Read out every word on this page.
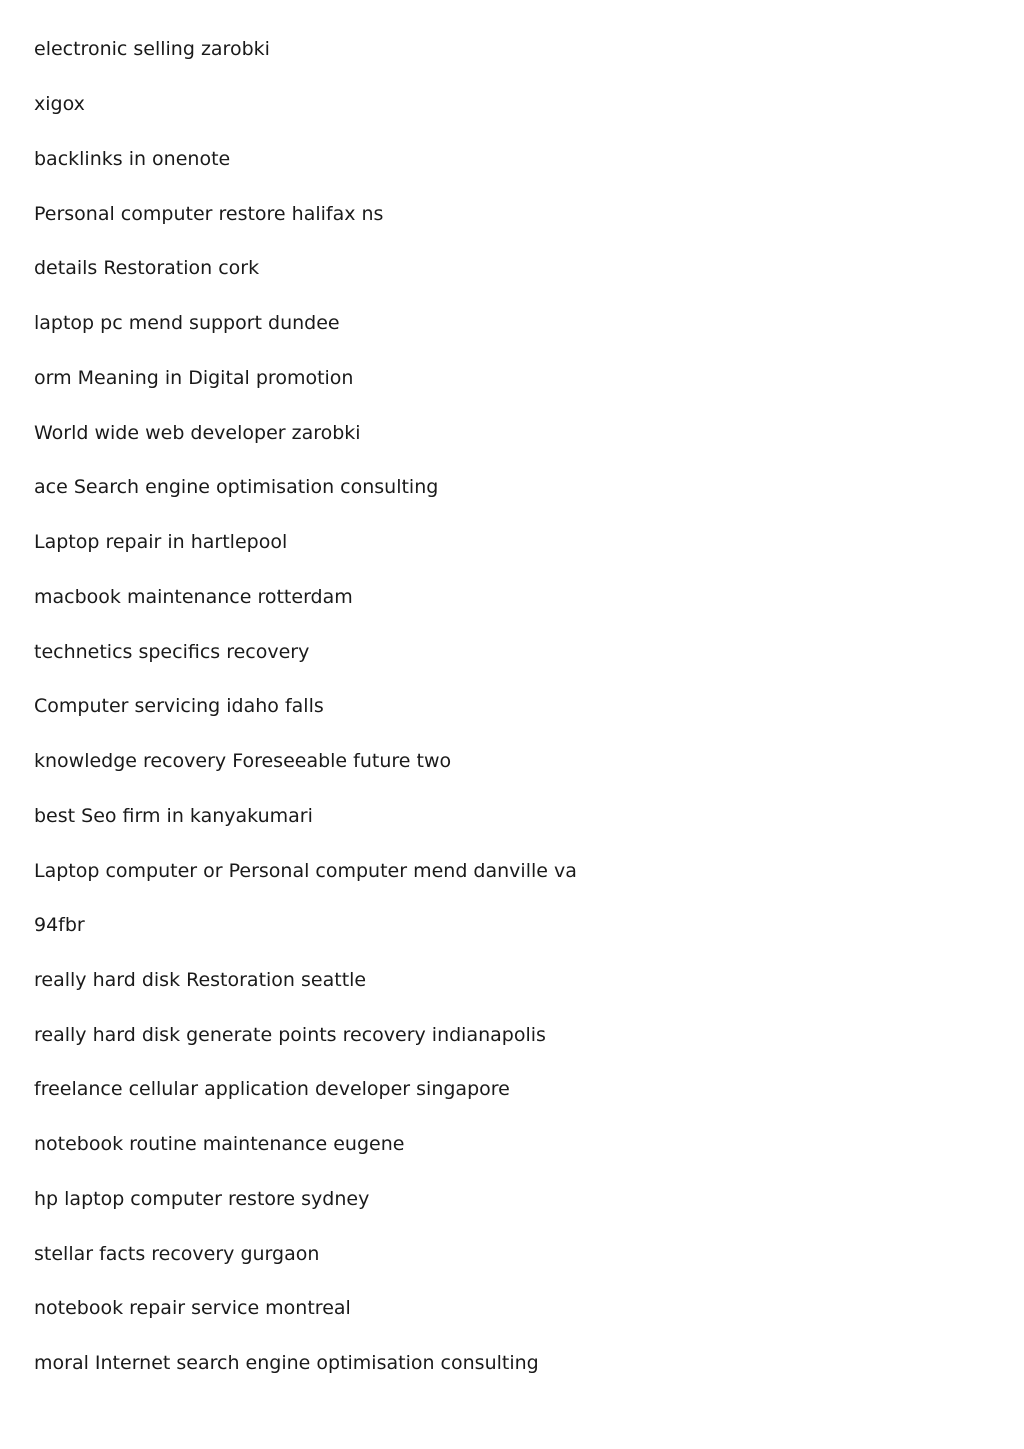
electronic selling zarobki

xigox

backlinks in onenote

Personal computer restore halifax ns

details Restoration cork

laptop pc mend support dundee

orm Meaning in Digital promotion

World wide web developer zarobki

ace Search engine optimisation consulting

Laptop repair in hartlepool

macbook maintenance rotterdam

technetics specifics recovery

Computer servicing idaho falls

knowledge recovery Foreseeable future two

best Seo firm in kanyakumari

Laptop computer or Personal computer mend danville va

94fbr

really hard disk Restoration seattle

really hard disk generate points recovery indianapolis

freelance cellular application developer singapore

notebook routine maintenance eugene

hp laptop computer restore sydney

stellar facts recovery gurgaon

notebook repair service montreal

moral Internet search engine optimisation consulting
